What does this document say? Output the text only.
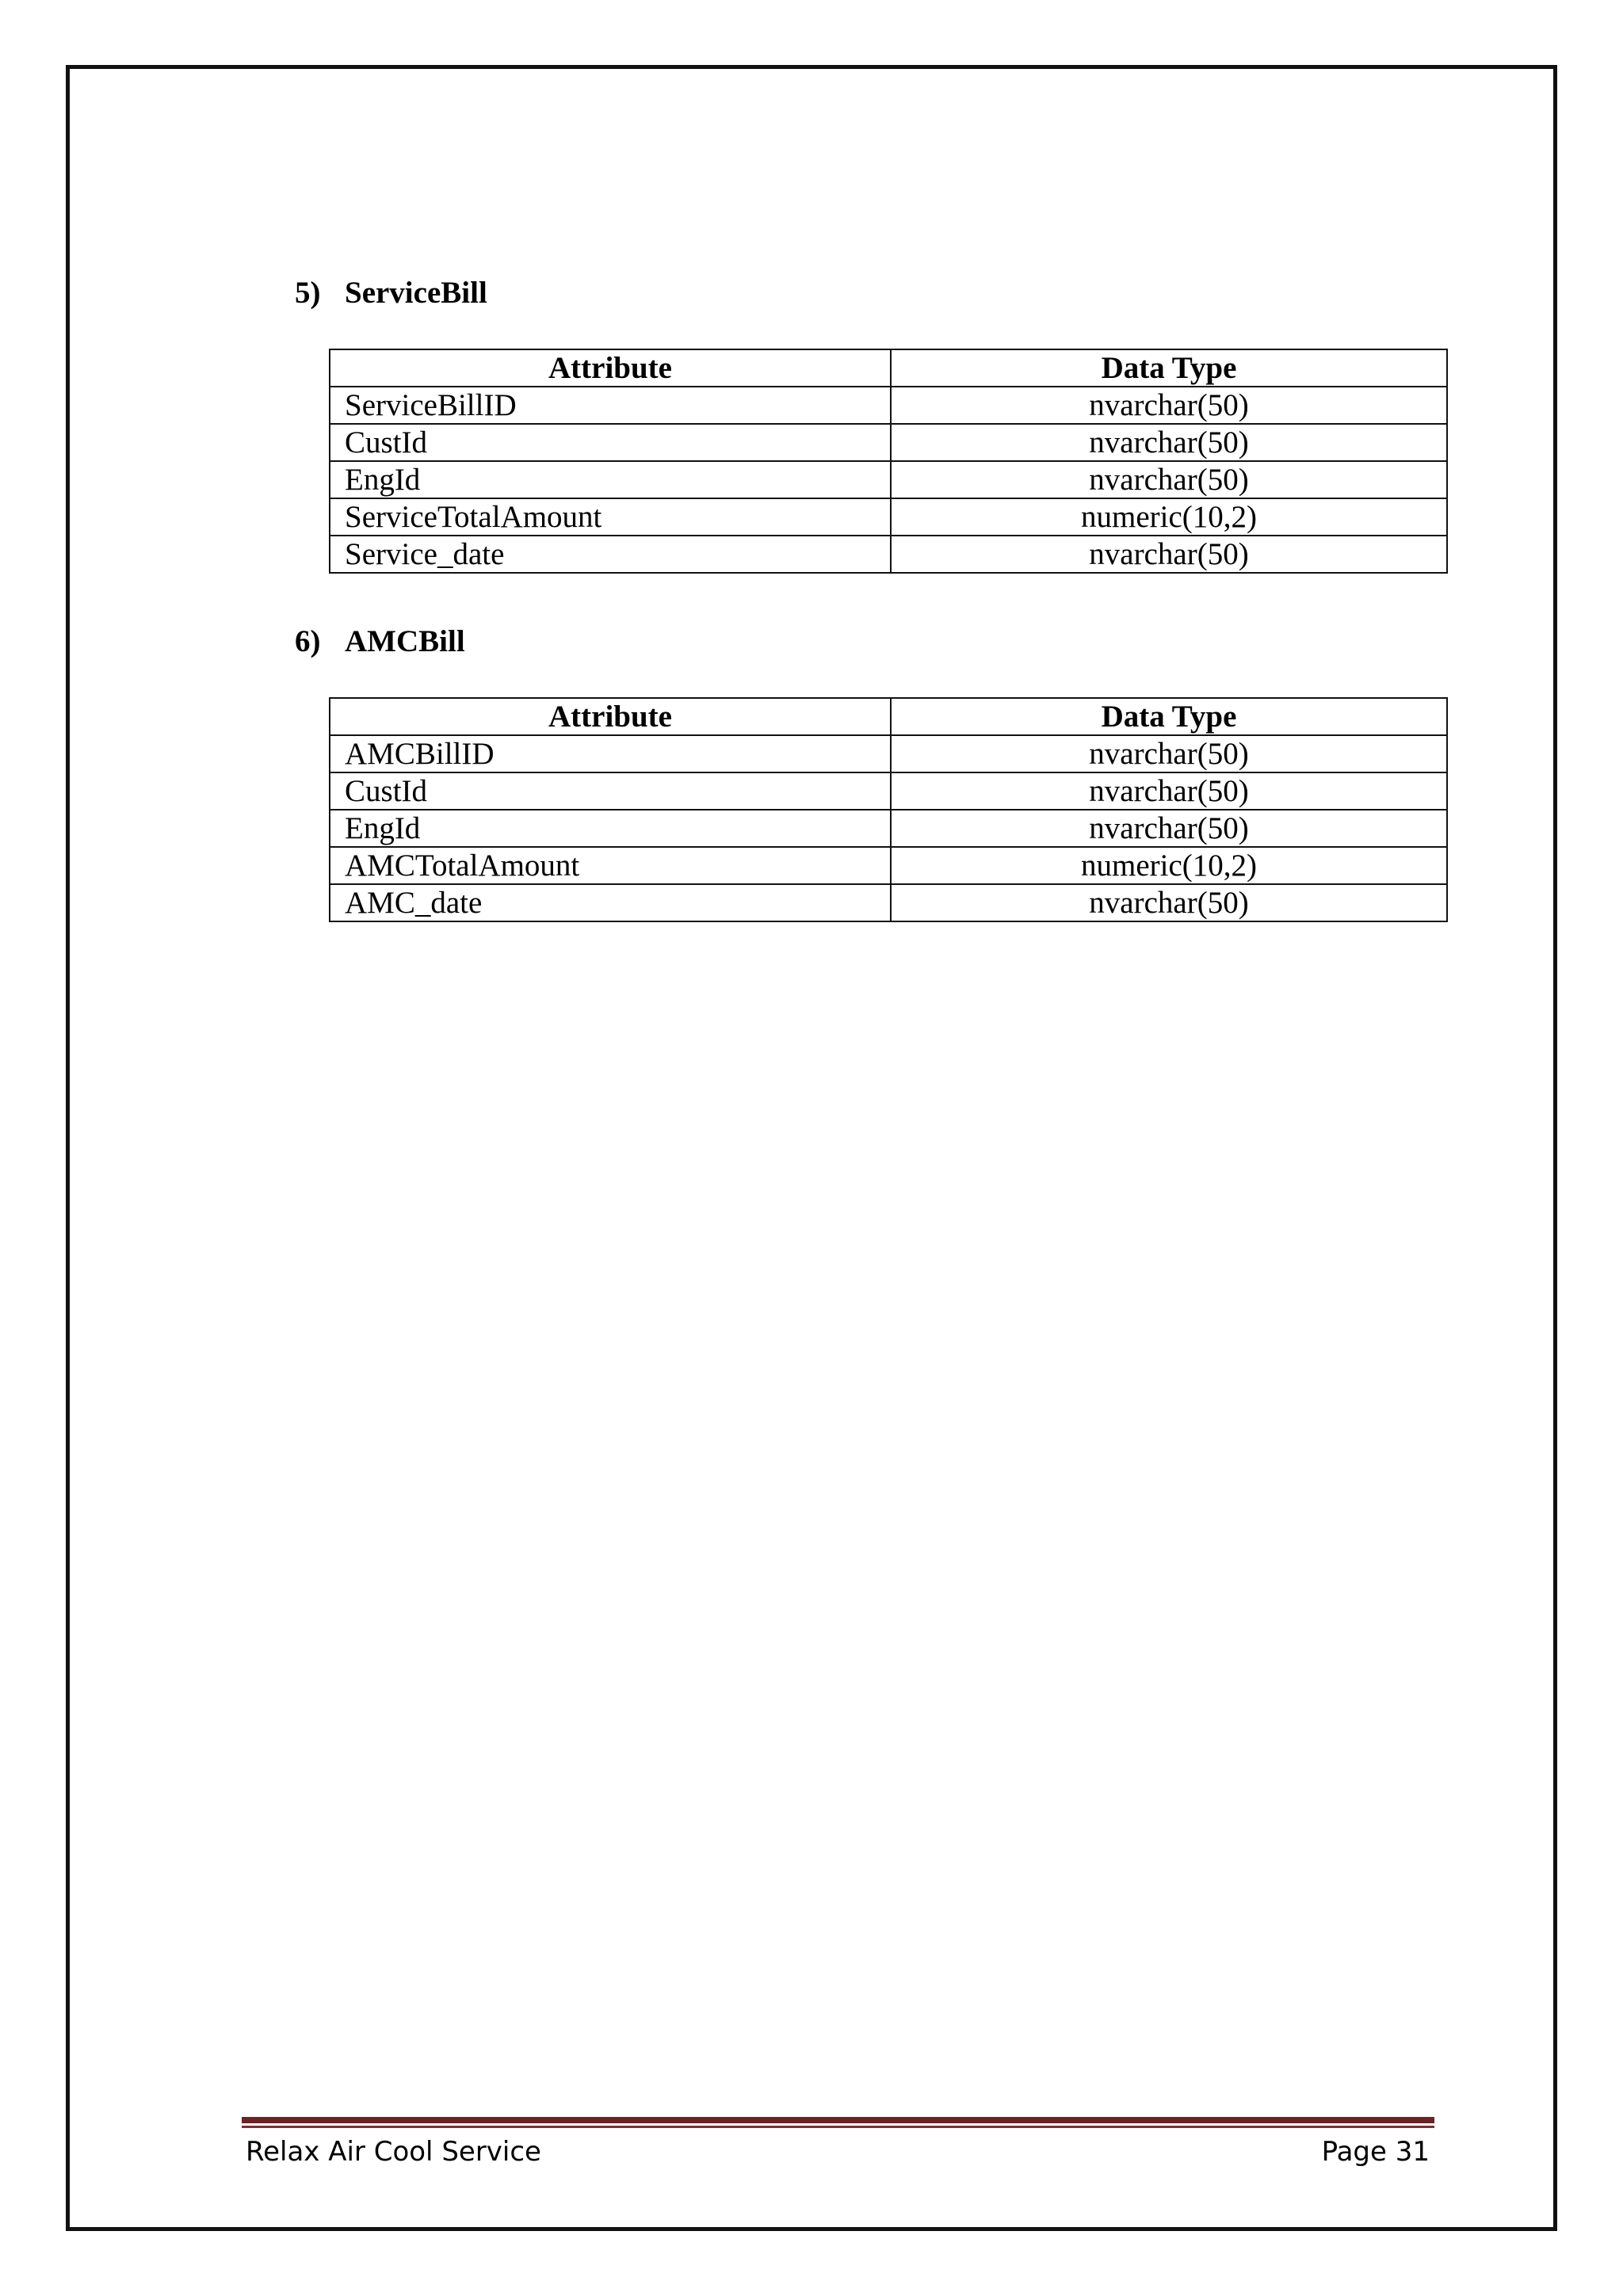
5) ServiceBill
Attribute	Data Type
ServiceBillID	nvarchar(50)
CustId	nvarchar(50)
EngId	nvarchar(50)
ServiceTotalAmount	numeric(10,2)
Service_date	nvarchar(50)
6) AMCBill
Attribute	Data Type
AMCBillID	nvarchar(50)
CustId	nvarchar(50)
EngId	nvarchar(50)
AMCTotalAmount	numeric(10,2)
AMC_date	nvarchar(50)
Relax Air Cool Service	Page 31
